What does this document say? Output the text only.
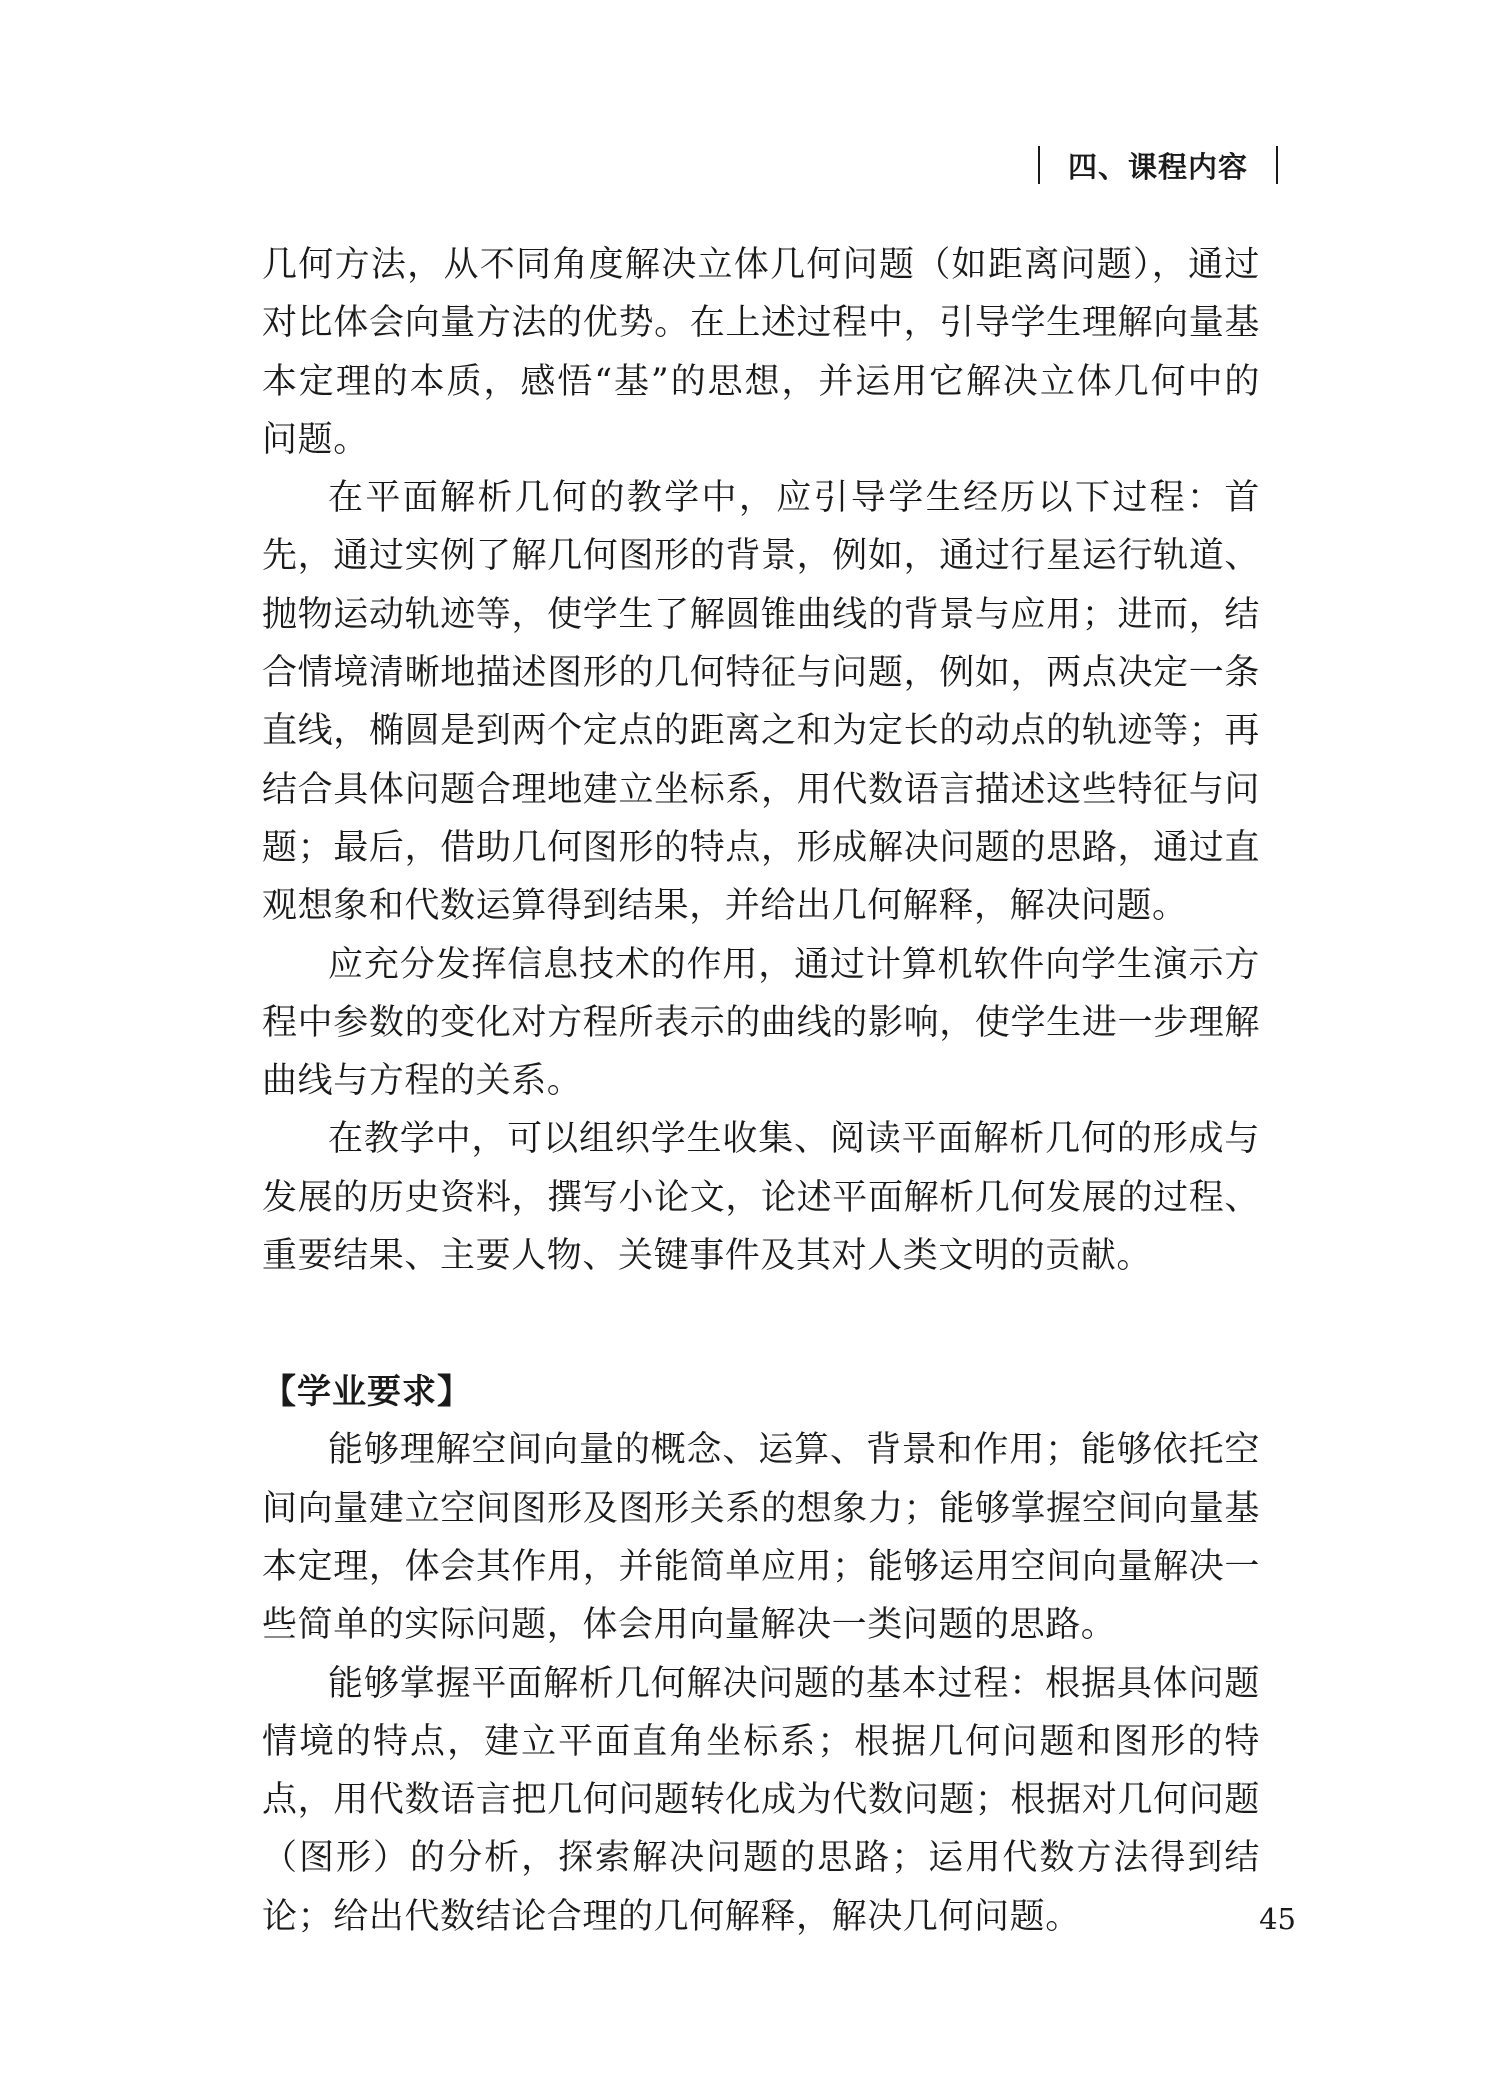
四、课程内容

几何方法，从不同角度解决立体几何问题（如距离问题），通过对比体会向量方法的优势。在上述过程中，引导学生理解向量基本定理的本质，感悟“基”的思想，并运用它解决立体几何中的问题。

在平面解析几何的教学中，应引导学生经历以下过程：首先，通过实例了解几何图形的背景，例如，通过行星运行轨道、抛物运动轨迹等，使学生了解圆锥曲线的背景与应用；进而，结合情境清晰地描述图形的几何特征与问题，例如，两点决定一条直线，椭圆是到两个定点的距离之和为定长的动点的轨迹等；再结合具体问题合理地建立坐标系，用代数语言描述这些特征与问题；最后，借助几何图形的特点，形成解决问题的思路，通过直观想象和代数运算得到结果，并给出几何解释，解决问题。

应充分发挥信息技术的作用，通过计算机软件向学生演示方程中参数的变化对方程所表示的曲线的影响，使学生进一步理解曲线与方程的关系。

在教学中，可以组织学生收集、阅读平面解析几何的形成与发展的历史资料，撰写小论文，论述平面解析几何发展的过程、重要结果、主要人物、关键事件及其对人类文明的贡献。

【学业要求】

能够理解空间向量的概念、运算、背景和作用；能够依托空间向量建立空间图形及图形关系的想象力；能够掌握空间向量基本定理，体会其作用，并能简单应用；能够运用空间向量解决一些简单的实际问题，体会用向量解决一类问题的思路。

能够掌握平面解析几何解决问题的基本过程：根据具体问题情境的特点，建立平面直角坐标系；根据几何问题和图形的特点，用代数语言把几何问题转化成为代数问题；根据对几何问题（图形）的分析，探索解决问题的思路；运用代数方法得到结论；给出代数结论合理的几何解释，解决几何问题。	45
